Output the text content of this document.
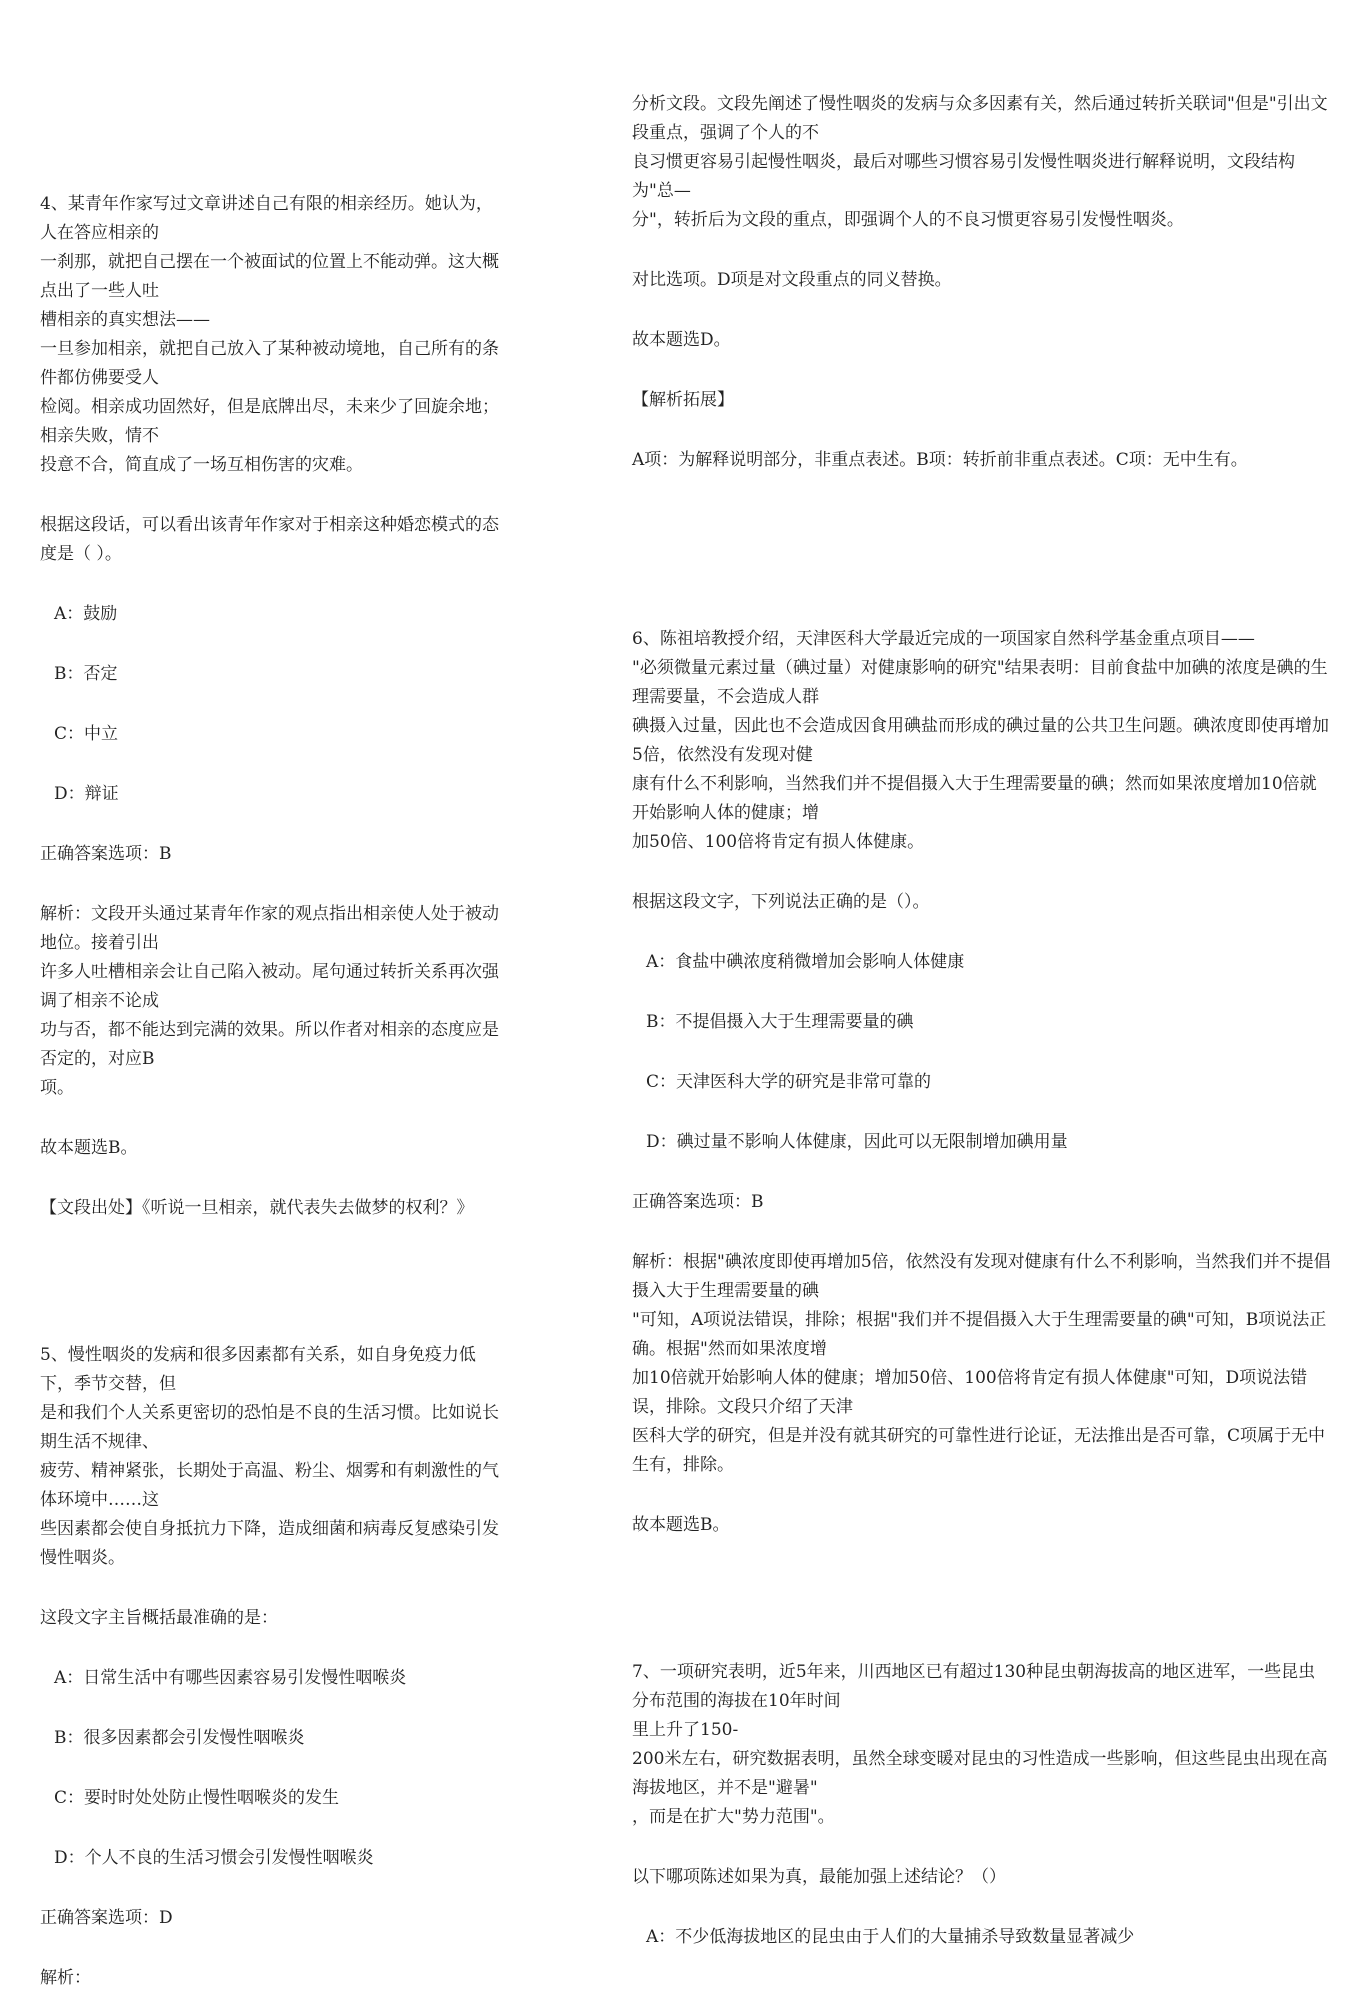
4、某青年作家写过文章讲述自己有限的相亲经历。她认为，人在答应相亲的
一刹那，就把自己摆在一个被面试的位置上不能动弹。这大概点出了一些人吐
槽相亲的真实想法——
一旦参加相亲，就把自己放入了某种被动境地，自己所有的条件都仿佛要受人
检阅。相亲成功固然好，但是底牌出尽，未来少了回旋余地；相亲失败，情不
投意不合，简直成了一场互相伤害的灾难。

根据这段话，可以看出该青年作家对于相亲这种婚恋模式的态度是（ ）。

A：鼓励

B：否定

C：中立

D：辩证

正确答案选项：B

解析：文段开头通过某青年作家的观点指出相亲使人处于被动地位。接着引出
许多人吐槽相亲会让自己陷入被动。尾句通过转折关系再次强调了相亲不论成
功与否，都不能达到完满的效果。所以作者对相亲的态度应是否定的，对应B
项。

故本题选B。

【文段出处】《听说一旦相亲，就代表失去做梦的权利？》

5、慢性咽炎的发病和很多因素都有关系，如自身免疫力低下，季节交替，但
是和我们个人关系更密切的恐怕是不良的生活习惯。比如说长期生活不规律、
疲劳、精神紧张，长期处于高温、粉尘、烟雾和有刺激性的气体环境中……这
些因素都会使自身抵抗力下降，造成细菌和病毒反复感染引发慢性咽炎。

这段文字主旨概括最准确的是：

A：日常生活中有哪些因素容易引发慢性咽喉炎

B：很多因素都会引发慢性咽喉炎

C：要时时处处防止慢性咽喉炎的发生

D：个人不良的生活习惯会引发慢性咽喉炎

正确答案选项：D

解析：

分析文段。文段先阐述了慢性咽炎的发病与众多因素有关，然后通过转折关联词"但是"引出文段重点，强调了个人的不
良习惯更容易引起慢性咽炎，最后对哪些习惯容易引发慢性咽炎进行解释说明，文段结构为"总—
分"，转折后为文段的重点，即强调个人的不良习惯更容易引发慢性咽炎。

对比选项。D项是对文段重点的同义替换。

故本题选D。

【解析拓展】

A项：为解释说明部分，非重点表述。B项：转折前非重点表述。C项：无中生有。

6、陈祖培教授介绍，天津医科大学最近完成的一项国家自然科学基金重点项目——
"必须微量元素过量（碘过量）对健康影响的研究"结果表明：目前食盐中加碘的浓度是碘的生理需要量，不会造成人群
碘摄入过量，因此也不会造成因食用碘盐而形成的碘过量的公共卫生问题。碘浓度即使再增加5倍，依然没有发现对健
康有什么不利影响，当然我们并不提倡摄入大于生理需要量的碘；然而如果浓度增加10倍就开始影响人体的健康；增
加50倍、100倍将肯定有损人体健康。

根据这段文字，下列说法正确的是（）。

A：食盐中碘浓度稍微增加会影响人体健康

B：不提倡摄入大于生理需要量的碘

C：天津医科大学的研究是非常可靠的

D：碘过量不影响人体健康，因此可以无限制增加碘用量

正确答案选项：B

解析：根据"碘浓度即使再增加5倍，依然没有发现对健康有什么不利影响，当然我们并不提倡摄入大于生理需要量的碘
"可知，A项说法错误，排除；根据"我们并不提倡摄入大于生理需要量的碘"可知，B项说法正确。根据"然而如果浓度增
加10倍就开始影响人体的健康；增加50倍、100倍将肯定有损人体健康"可知，D项说法错误，排除。文段只介绍了天津
医科大学的研究，但是并没有就其研究的可靠性进行论证，无法推出是否可靠，C项属于无中生有，排除。

故本题选B。

7、一项研究表明，近5年来，川西地区已有超过130种昆虫朝海拔高的地区进军，一些昆虫分布范围的海拔在10年时间
里上升了150-
200米左右，研究数据表明，虽然全球变暖对昆虫的习性造成一些影响，但这些昆虫出现在高海拔地区，并不是"避暑"
，而是在扩大"势力范围"。

以下哪项陈述如果为真，最能加强上述结论？（）

A：不少低海拔地区的昆虫由于人们的大量捕杀导致数量显著减少
